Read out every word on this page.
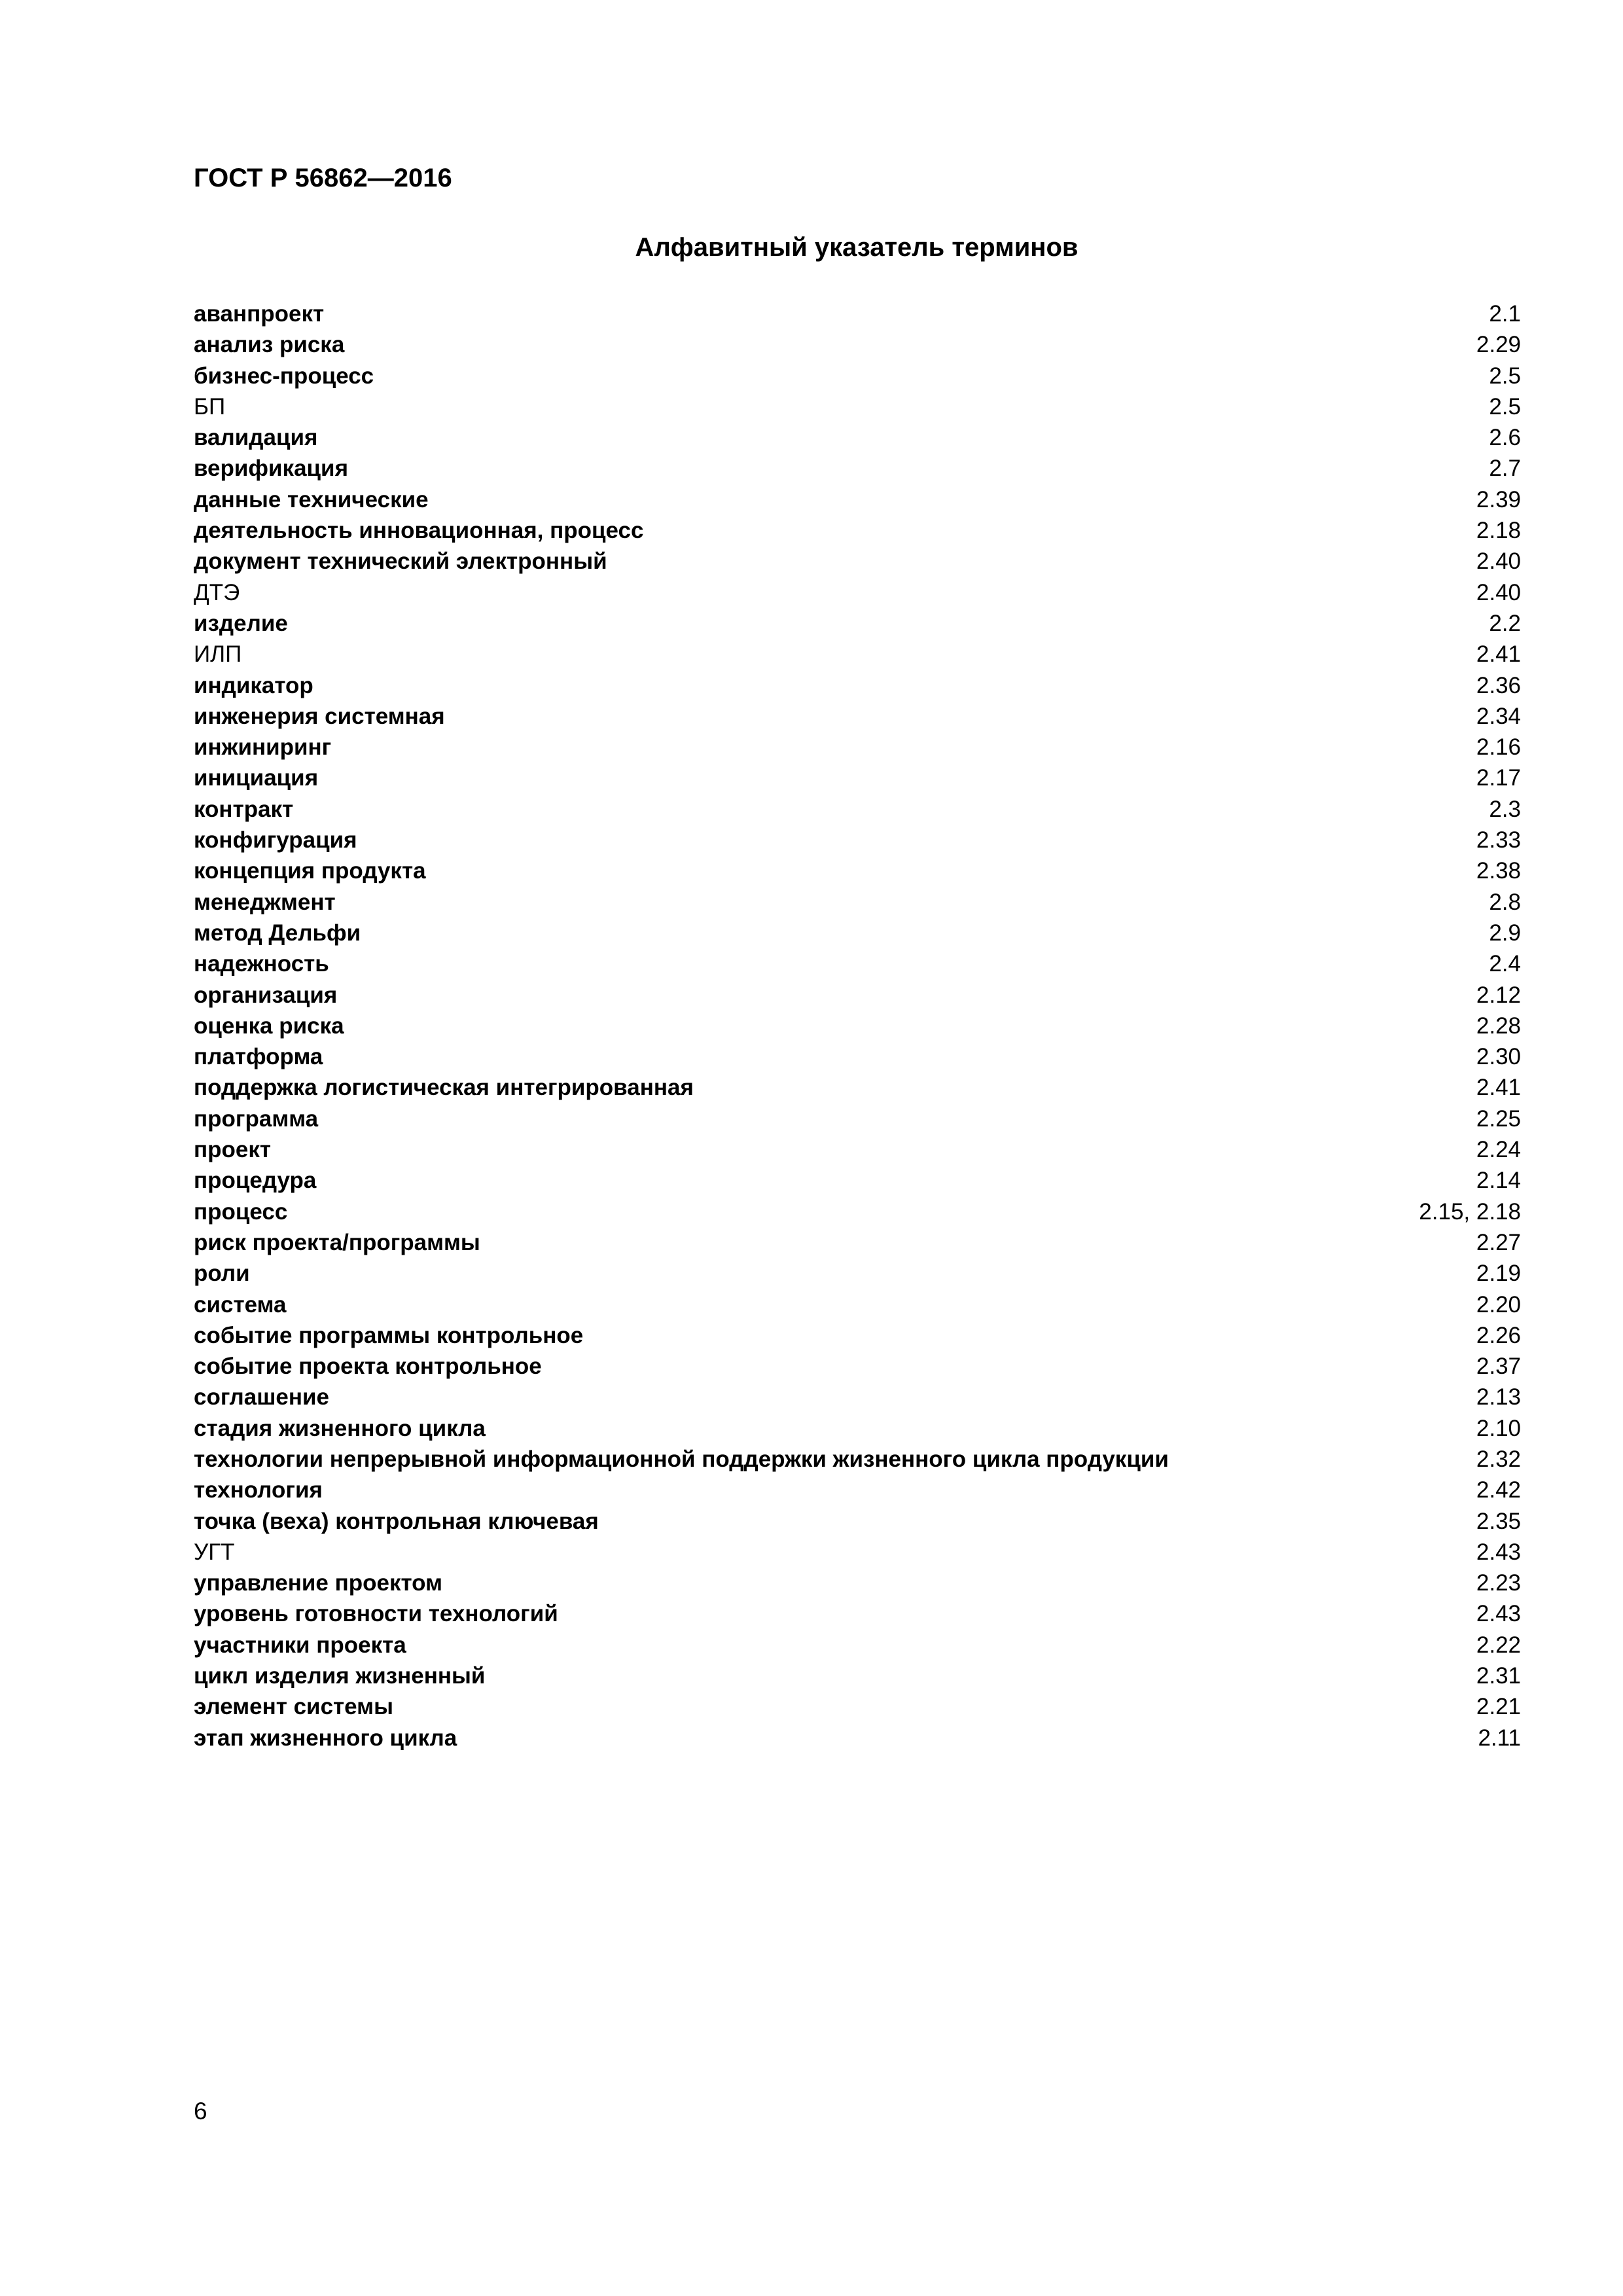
ГОСТ Р 56862—2016
Алфавитный указатель терминов
аванпроект	2.1
анализ риска	2.29
бизнес-процесс	2.5
БП	2.5
валидация	2.6
верификация	2.7
данные технические	2.39
деятельность инновационная, процесс	2.18
документ технический электронный	2.40
ДТЭ	2.40
изделие	2.2
ИЛП	2.41
индикатор	2.36
инженерия системная	2.34
инжиниринг	2.16
инициация	2.17
контракт	2.3
конфигурация	2.33
концепция продукта	2.38
менеджмент	2.8
метод Дельфи	2.9
надежность	2.4
организация	2.12
оценка риска	2.28
платформа	2.30
поддержка логистическая интегрированная	2.41
программа	2.25
проект	2.24
процедура	2.14
процесс	2.15, 2.18
риск проекта/программы	2.27
роли	2.19
система	2.20
событие программы контрольное	2.26
событие проекта контрольное	2.37
соглашение	2.13
стадия жизненного цикла	2.10
технологии непрерывной информационной поддержки жизненного цикла продукции	2.32
технология	2.42
точка (веха) контрольная ключевая	2.35
УГТ	2.43
управление проектом	2.23
уровень готовности технологий	2.43
участники проекта	2.22
цикл изделия жизненный	2.31
элемент системы	2.21
этап жизненного цикла	2.11
6
